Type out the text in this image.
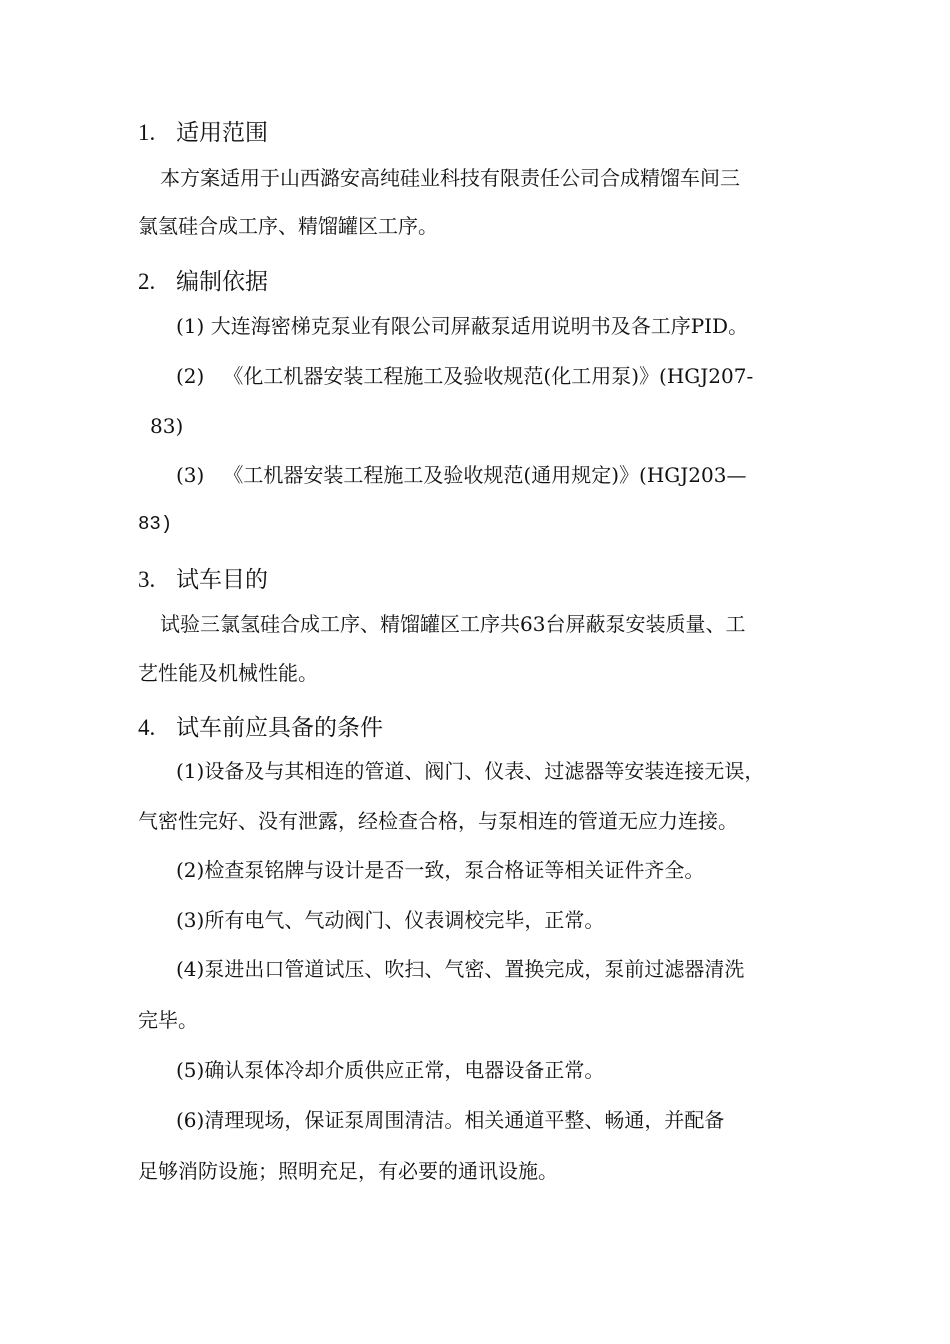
1. 适用范围
本方案适用于山西潞安高纯硅业科技有限责任公司合成精馏车间三
氯氢硅合成工序、精馏罐区工序。
2. 编制依据
(1) 大连海密梯克泵业有限公司屏蔽泵适用说明书及各工序PID。
(2) 《化工机器安装工程施工及验收规范(化工用泵)》(HGJ207-
83)
(3) 《工机器安装工程施工及验收规范(通用规定)》(HGJ203—
83)
3. 试车目的
试验三氯氢硅合成工序、精馏罐区工序共63台屏蔽泵安装质量、工
艺性能及机械性能。
4. 试车前应具备的条件
(1)设备及与其相连的管道、阀门、仪表、过滤器等安装连接无误，
气密性完好、没有泄露，经检查合格，与泵相连的管道无应力连接。
(2)检查泵铭牌与设计是否一致，泵合格证等相关证件齐全。
(3)所有电气、气动阀门、仪表调校完毕，正常。
(4)泵进出口管道试压、吹扫、气密、置换完成，泵前过滤器清洗
完毕。
(5)确认泵体冷却介质供应正常，电器设备正常。
(6)清理现场，保证泵周围清洁。相关通道平整、畅通，并配备
足够消防设施；照明充足，有必要的通讯设施。
